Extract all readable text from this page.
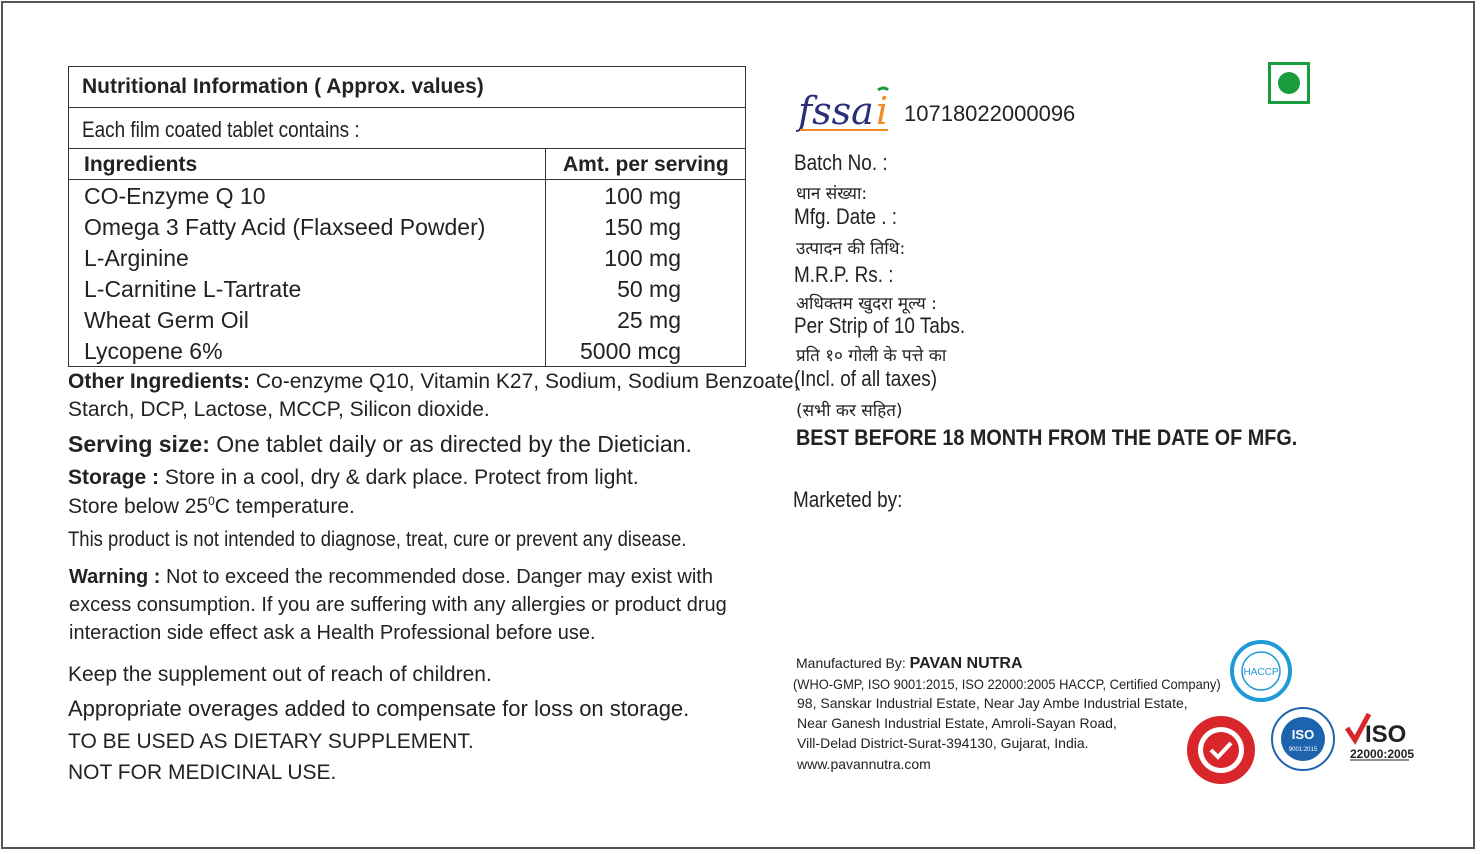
Nutritional Information ( Approx. values)
Each film coated tablet contains :
Ingredients	Amt. per serving
CO-Enzyme Q 10	100 mg
Omega 3 Fatty Acid (Flaxseed Powder)	150 mg
L-Arginine	100 mg
L-Carnitine L-Tartrate	50 mg
Wheat Germ Oil	25 mg
Lycopene 6%	5000 mcg
Other Ingredients: Co-enzyme Q10, Vitamin K27, Sodium, Sodium Benzoate,
Starch, DCP, Lactose, MCCP, Silicon dioxide.
Serving size: One tablet daily or as directed by the Dietician.
Storage : Store in a cool, dry & dark place. Protect from light.
Store below $25^0C$ temperature.
This product is not intended to diagnose, treat, cure or prevent any disease.
Warning : Not to exceed the recommended dose. Danger may exist with
excess consumption. If you are suffering with any allergies or product drug
interaction side effect ask a Health Professional before use.
Keep the supplement out of reach of children.
Appropriate overages added to compensate for loss on storage.
TO BE USED AS DIETARY SUPPLEMENT.
NOT FOR MEDICINAL USE.
fssa i 10718022000096
Batch No. :
धान संख्या:
Mfg. Date . :
उत्पादन की तिथि:
M.R.P. Rs. :
अधिक्तम खुदरा मूल्य :
Per Strip of 10 Tabs.
प्रति १० गोली के पत्ते का
(Incl. of all taxes)
(सभी कर सहित)
BEST BEFORE 18 MONTH FROM THE DATE OF MFG.
Marketed by:
Manufactured By: PAVAN NUTRA
(WHO-GMP, ISO 9001:2015, ISO 22000:2005 HACCP, Certified Company)
98, Sanskar Industrial Estate, Near Jay Ambe Industrial Estate,
Near Ganesh Industrial Estate, Amroli-Sayan Road,
Vill-Delad District-Surat-394130, Gujarat, India.
www.pavannutra.com
HACCP
ISO
9001:2015
ISO
22000:2005
